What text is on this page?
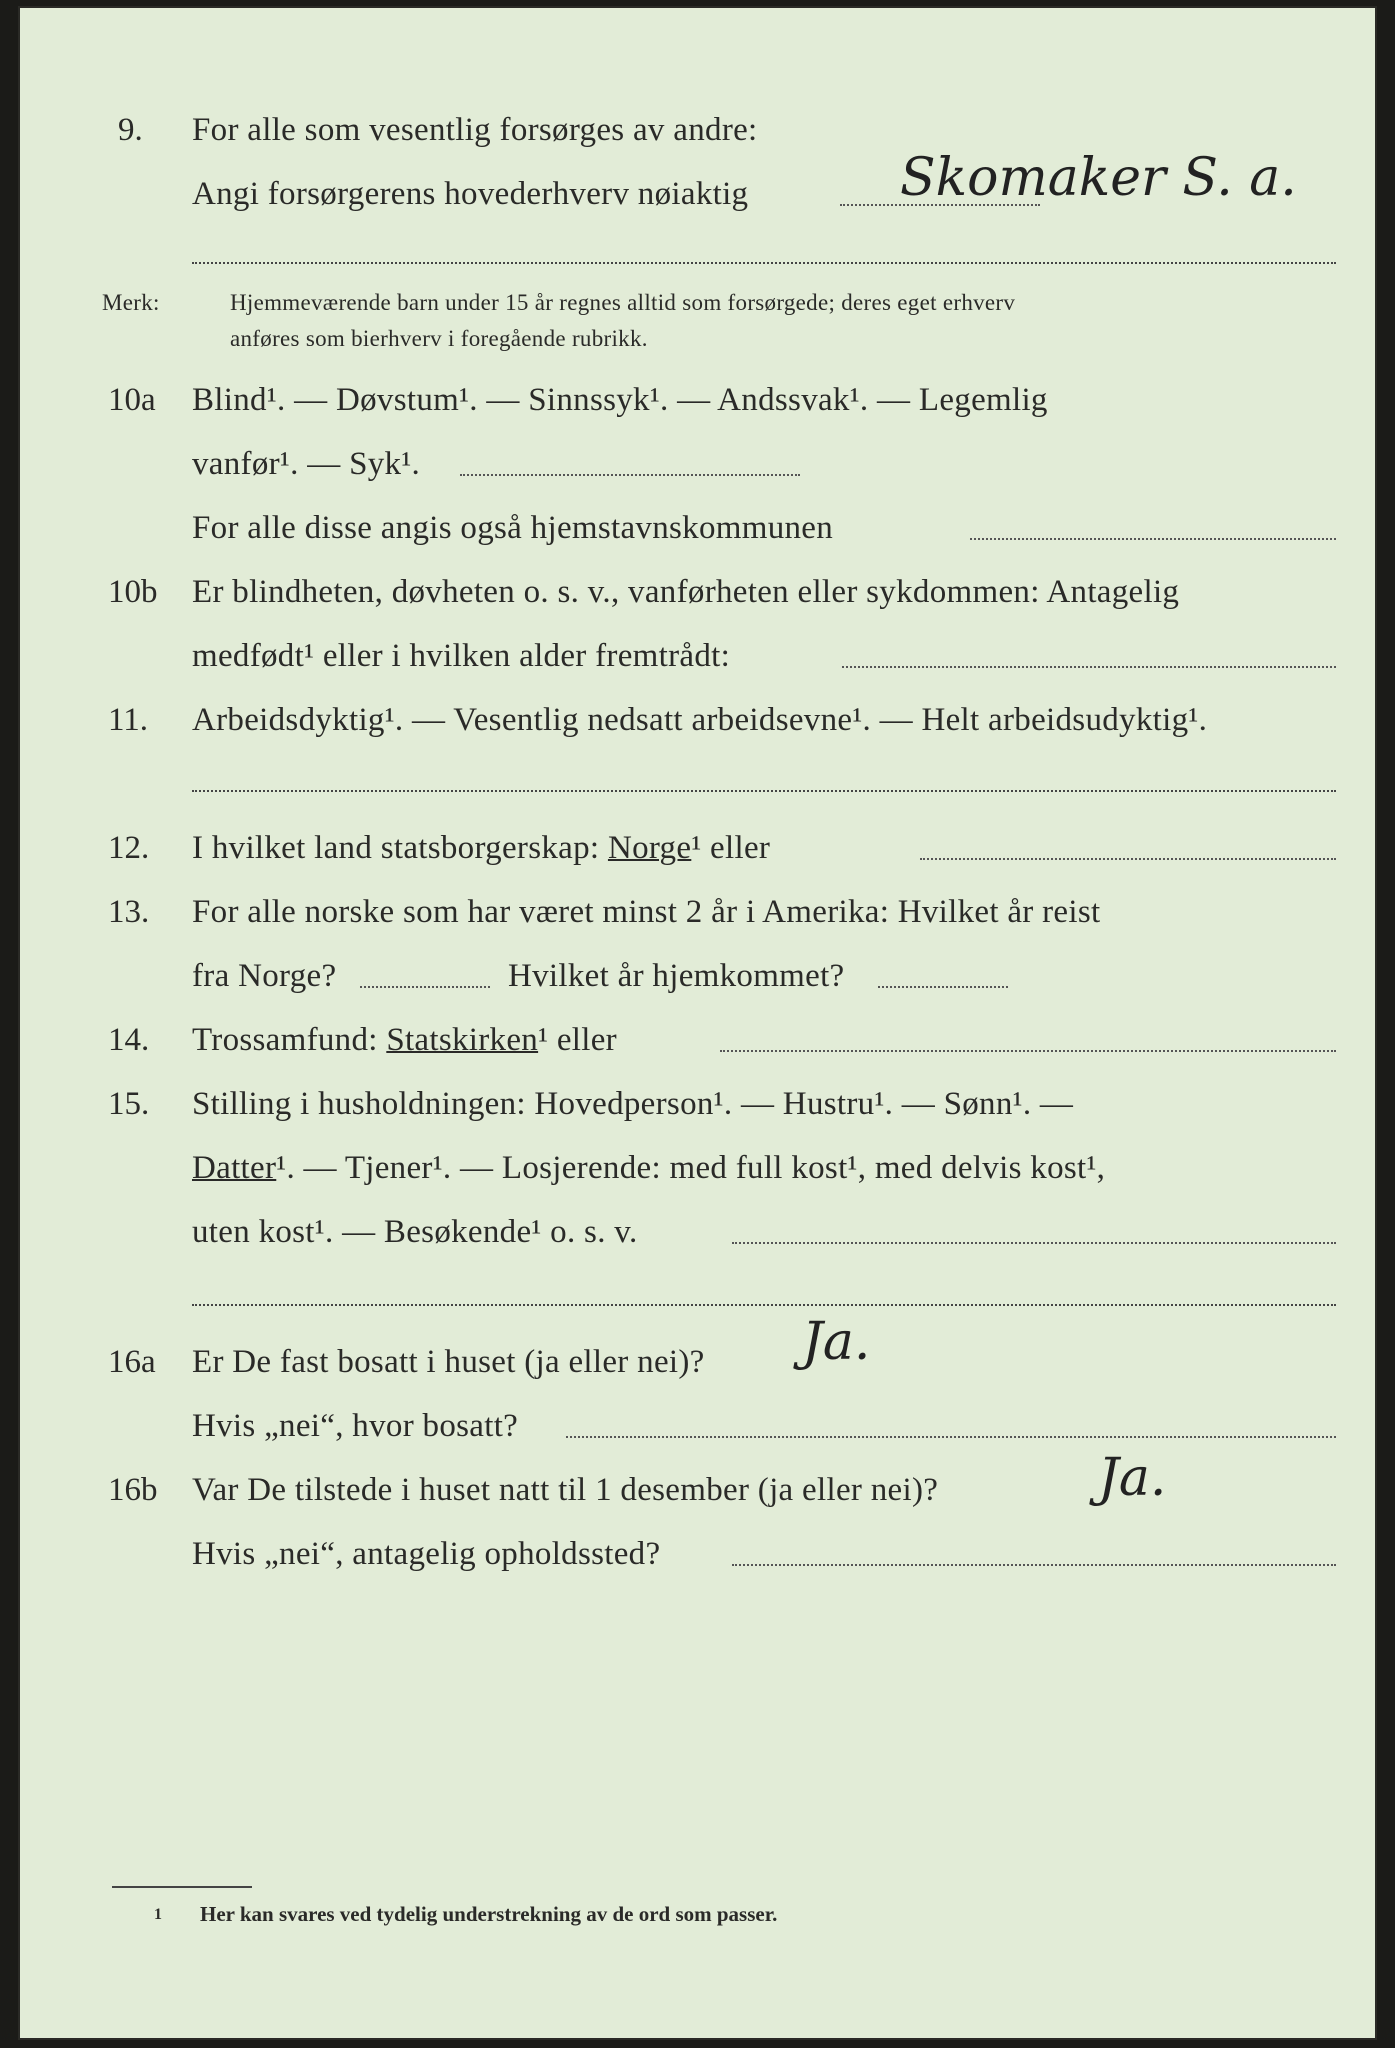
9. For alle som vesentlig forsørges av andre:
Angi forsørgerens hovederhverv nøiaktig	Skomaker S. a.
Merk:	Hjemmeværende barn under 15 år regnes alltid som forsørgede; deres eget erhverv
anføres som bierhverv i foregående rubrikk.
10a Blind¹. — Døvstum¹. — Sinnssyk¹. — Andssvak¹. — Legemlig
vanfør¹. — Syk¹.
For alle disse angis også hjemstavnskommunen
10b Er blindheten, døvheten o. s. v., vanførheten eller sykdommen: Antagelig
medfødt¹ eller i hvilken alder fremtrådt:
11. Arbeidsdyktig¹. — Vesentlig nedsatt arbeidsevne¹. — Helt arbeidsudyktig¹.
12. I hvilket land statsborgerskap: Norge¹ eller
13. For alle norske som har været minst 2 år i Amerika: Hvilket år reist
fra Norge?	Hvilket år hjemkommet?
14. Trossamfund: Statskirken¹ eller
15. Stilling i husholdningen: Hovedperson¹. — Hustru¹. — Sønn¹. —
Datter¹. — Tjener¹. — Losjerende: med full kost¹, med delvis kost¹,
uten kost¹. — Besøkende¹ o. s. v.
16a Er De fast bosatt i huset (ja eller nei)? Ja.
Hvis „nei“, hvor bosatt?
16b Var De tilstede i huset natt til 1 desember (ja eller nei)?	Ja.
Hvis „nei“, antagelig opholdssted?
1 Her kan svares ved tydelig understrekning av de ord som passer.
